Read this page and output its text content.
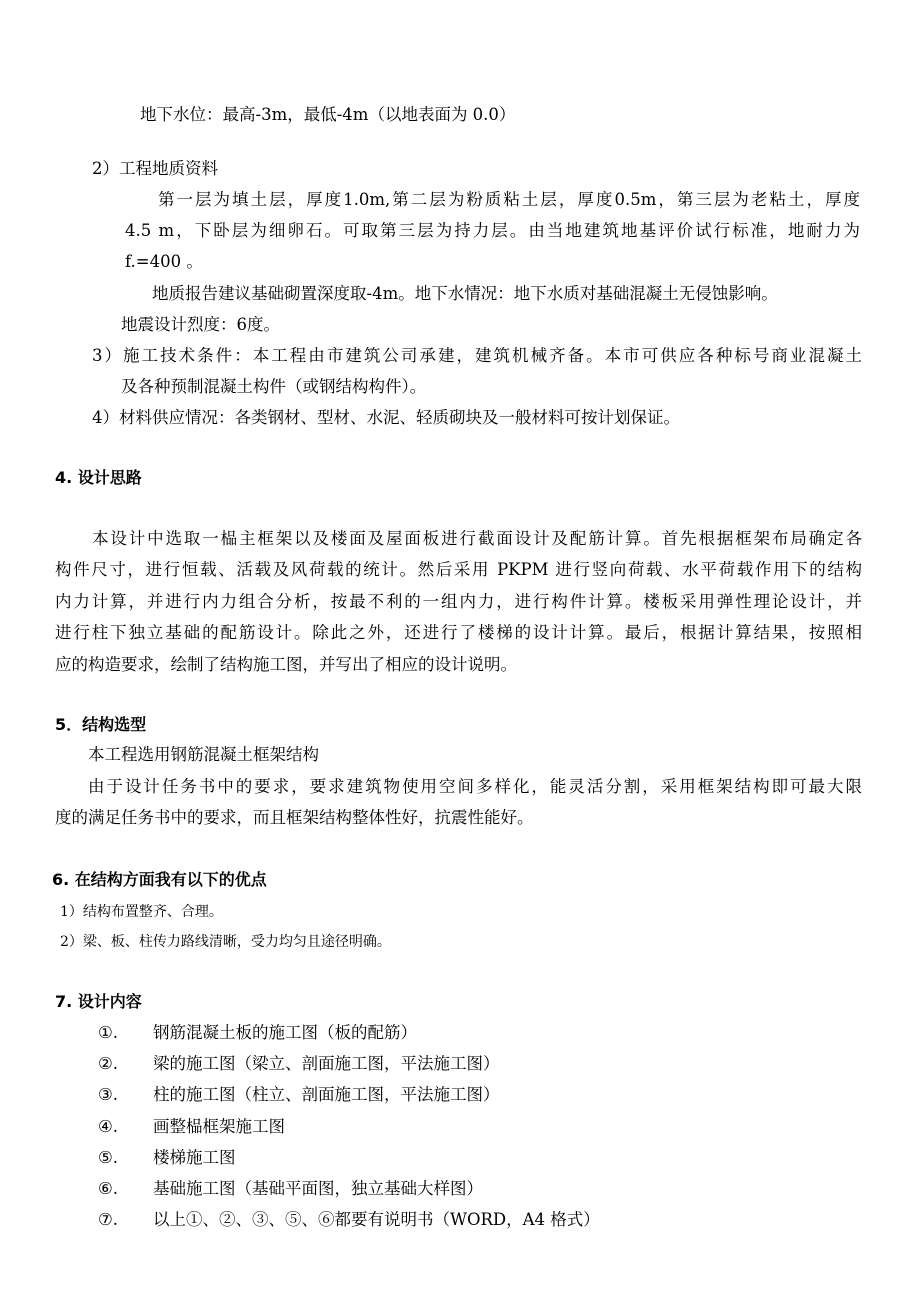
地下水位：最高-3m，最低-4m（以地表面为 0.0）
2）工程地质资料
第一层为填土层，厚度1.0m,第二层为粉质粘土层，厚度0.5m，第三层为老粘土，厚度
4.5 m，下卧层为细卵石。可取第三层为持力层。由当地建筑地基评价试行标准，地耐力为
f.=400 。
地质报告建议基础砌置深度取-4m。地下水情况：地下水质对基础混凝土无侵蚀影响。
地震设计烈度：6度。
3）施工技术条件：本工程由市建筑公司承建，建筑机械齐备。本市可供应各种标号商业混凝土
及各种预制混凝土构件（或钢结构构件）。
4）材料供应情况：各类钢材、型材、水泥、轻质砌块及一般材料可按计划保证。
4. 设计思路
本设计中选取一榀主框架以及楼面及屋面板进行截面设计及配筋计算。首先根据框架布局确定各
构件尺寸，进行恒载、活载及风荷载的统计。然后采用 PKPM 进行竖向荷载、水平荷载作用下的结构
内力计算，并进行内力组合分析，按最不利的一组内力，进行构件计算。楼板采用弹性理论设计，并
进行柱下独立基础的配筋设计。除此之外，还进行了楼梯的设计计算。最后，根据计算结果，按照相
应的构造要求，绘制了结构施工图，并写出了相应的设计说明。
5．结构选型
本工程选用钢筋混凝土框架结构
由于设计任务书中的要求，要求建筑物使用空间多样化，能灵活分割，采用框架结构即可最大限
度的满足任务书中的要求，而且框架结构整体性好，抗震性能好。
6. 在结构方面我有以下的优点
1）结构布置整齐、合理。
2）梁、板、柱传力路线清晰，受力均匀且途径明确。
7. 设计内容
①. 钢筋混凝土板的施工图（板的配筋）
②. 梁的施工图（梁立、剖面施工图，平法施工图）
③. 柱的施工图（柱立、剖面施工图，平法施工图）
④. 画整榀框架施工图
⑤. 楼梯施工图
⑥. 基础施工图（基础平面图，独立基础大样图）
⑦. 以上①、②、③、⑤、⑥都要有说明书（WORD，A4 格式）
